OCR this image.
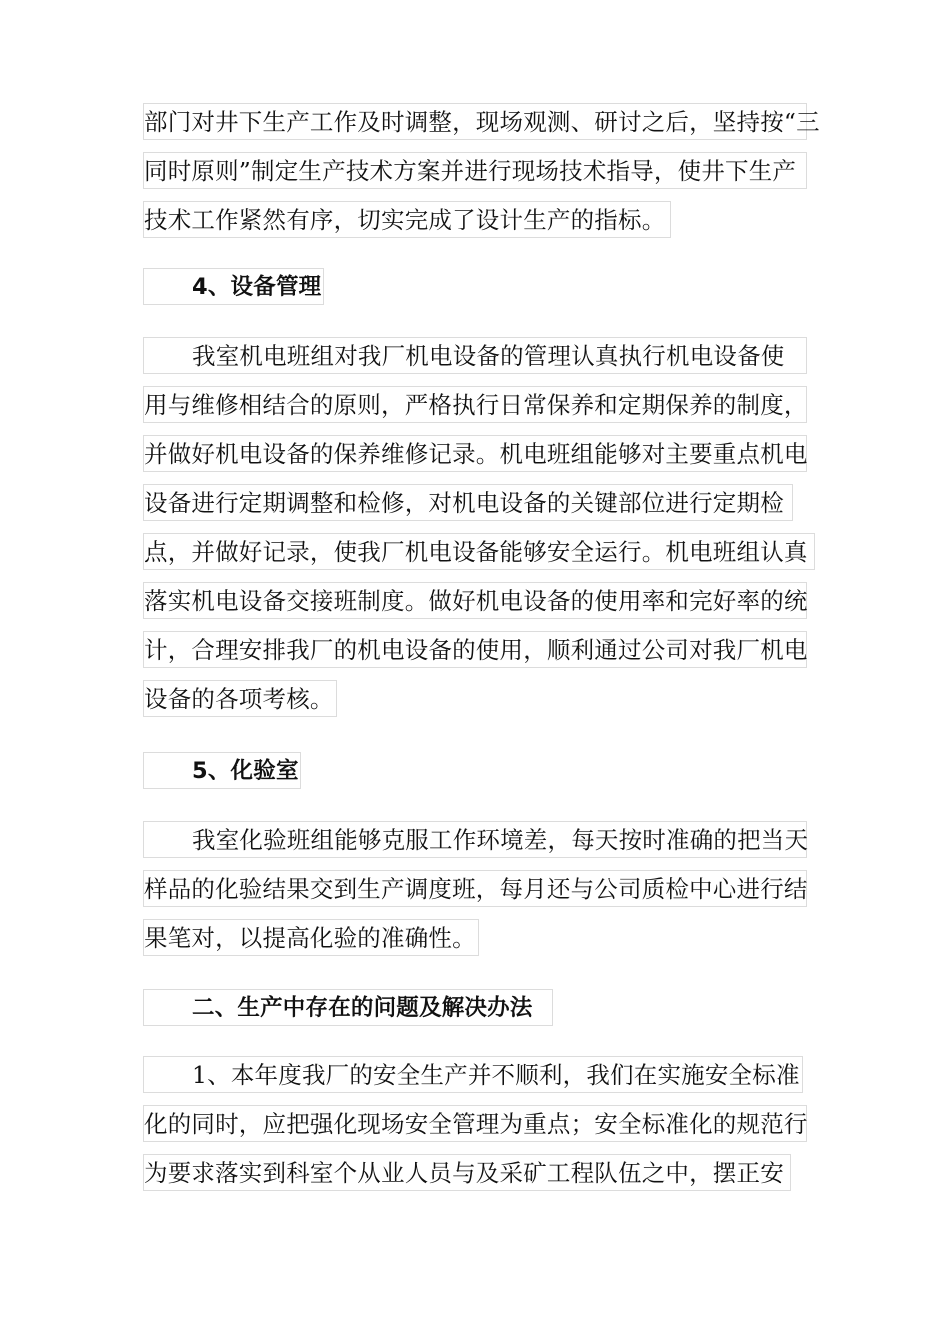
部门对井下生产工作及时调整，现场观测、研讨之后，坚持按“三
同时原则”制定生产技术方案并进行现场技术指导，使井下生产
技术工作紧然有序，切实完成了设计生产的指标。
4、设备管理
我室机电班组对我厂机电设备的管理认真执行机电设备使
用与维修相结合的原则，严格执行日常保养和定期保养的制度，
并做好机电设备的保养维修记录。机电班组能够对主要重点机电
设备进行定期调整和检修，对机电设备的关键部位进行定期检
点，并做好记录，使我厂机电设备能够安全运行。机电班组认真
落实机电设备交接班制度。做好机电设备的使用率和完好率的统
计，合理安排我厂的机电设备的使用，顺利通过公司对我厂机电
设备的各项考核。
5、化验室
我室化验班组能够克服工作环境差，每天按时准确的把当天
样品的化验结果交到生产调度班，每月还与公司质检中心进行结
果笔对，以提高化验的准确性。
二、生产中存在的问题及解决办法
1、本年度我厂的安全生产并不顺利，我们在实施安全标准
化的同时，应把强化现场安全管理为重点；安全标准化的规范行
为要求落实到科室个从业人员与及采矿工程队伍之中，摆正安
